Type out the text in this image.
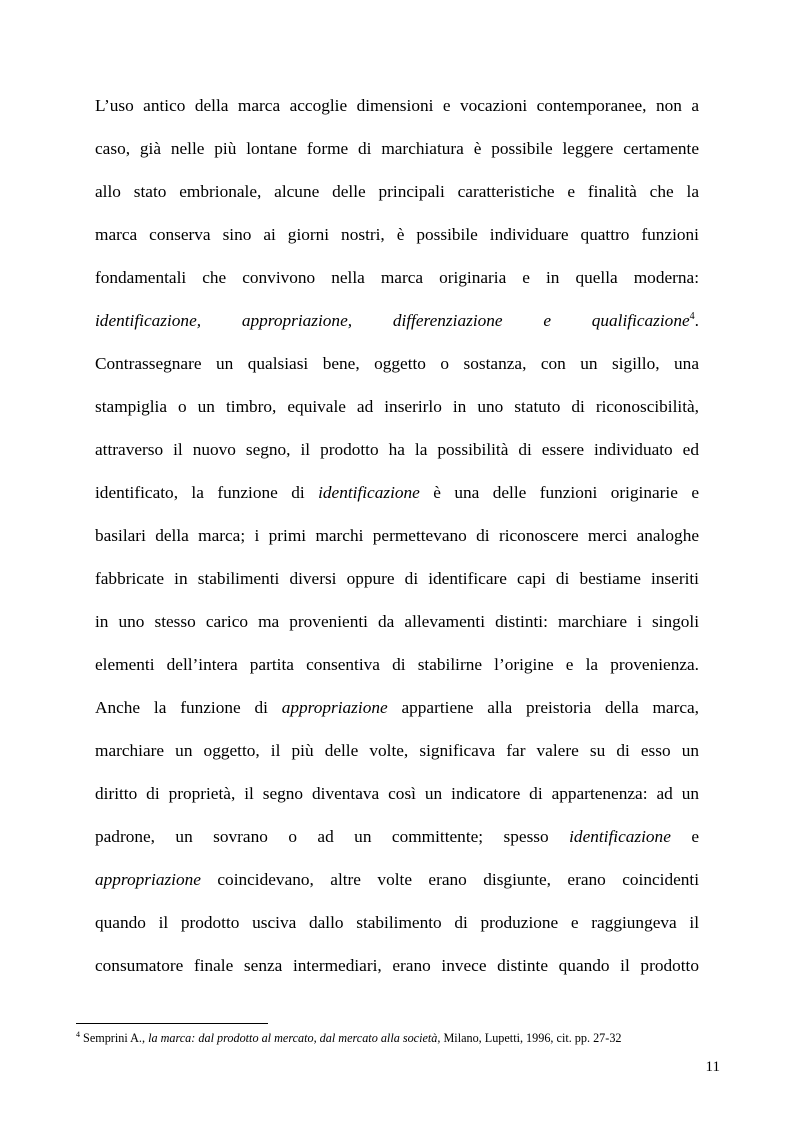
L’uso antico della marca accoglie dimensioni e vocazioni contemporanee, non a
caso, già nelle più lontane forme di marchiatura è possibile leggere certamente
allo stato embrionale, alcune delle principali caratteristiche e finalità che la
marca conserva sino ai giorni nostri, è possibile individuare quattro funzioni
fondamentali che convivono nella marca originaria e in quella moderna:
identificazione, appropriazione, differenziazione e qualificazione$^4$.
Contrassegnare un qualsiasi bene, oggetto o sostanza, con un sigillo, una
stampiglia o un timbro, equivale ad inserirlo in uno statuto di riconoscibilità,
attraverso il nuovo segno, il prodotto ha la possibilità di essere individuato ed
identificato, la funzione di identificazione è una delle funzioni originarie e
basilari della marca; i primi marchi permettevano di riconoscere merci analoghe
fabbricate in stabilimenti diversi oppure di identificare capi di bestiame inseriti
in uno stesso carico ma provenienti da allevamenti distinti: marchiare i singoli
elementi dell’intera partita consentiva di stabilirne l’origine e la provenienza.
Anche la funzione di appropriazione appartiene alla preistoria della marca,
marchiare un oggetto, il più delle volte, significava far valere su di esso un
diritto di proprietà, il segno diventava così un indicatore di appartenenza: ad un
padrone, un sovrano o ad un committente; spesso identificazione e
appropriazione coincidevano, altre volte erano disgiunte, erano coincidenti
quando il prodotto usciva dallo stabilimento di produzione e raggiungeva il
consumatore finale senza intermediari, erano invece distinte quando il prodotto
$^4$ Semprini A., la marca: dal prodotto al mercato, dal mercato alla società, Milano, Lupetti, 1996, cit. pp. 27-32
11
